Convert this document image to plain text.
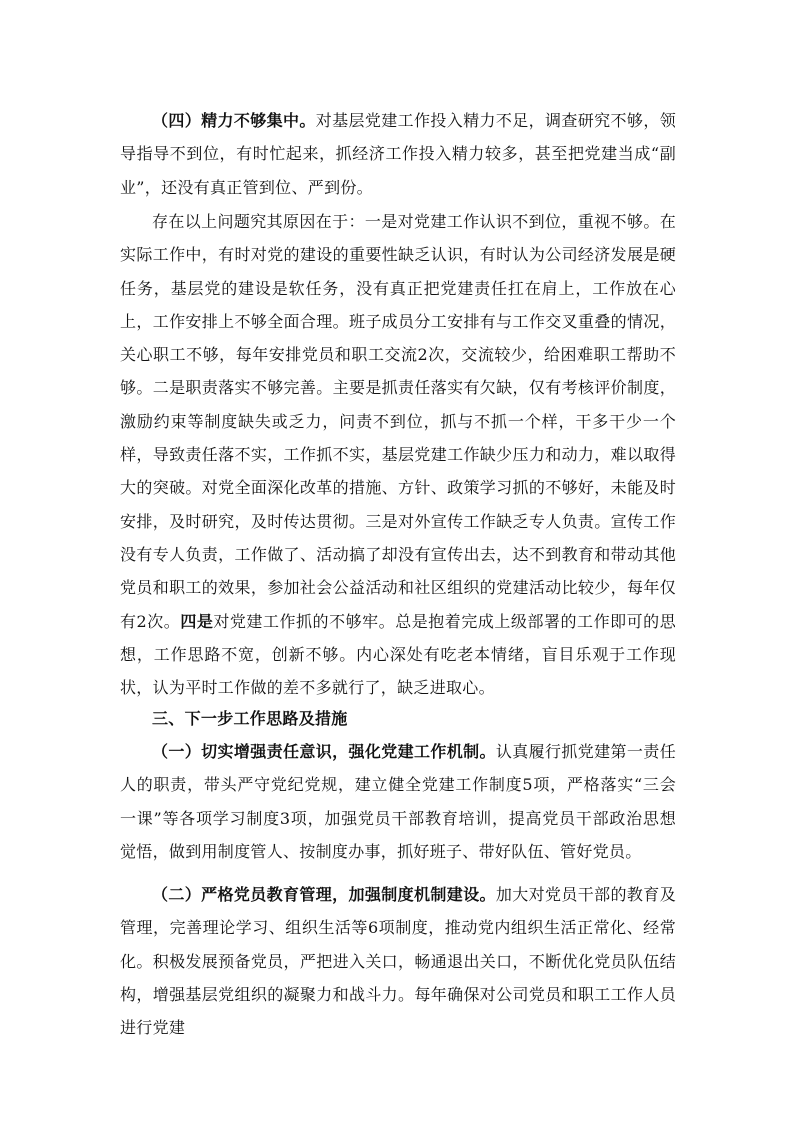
（四）精力不够集中。对基层党建工作投入精力不足，调查研究不够，领导指导不到位，有时忙起来，抓经济工作投入精力较多，甚至把党建当成“副业”，还没有真正管到位、严到份。

存在以上问题究其原因在于：一是对党建工作认识不到位，重视不够。在实际工作中，有时对党的建设的重要性缺乏认识，有时认为公司经济发展是硬任务，基层党的建设是软任务，没有真正把党建责任扛在肩上，工作放在心上，工作安排上不够全面合理。班子成员分工安排有与工作交叉重叠的情况，关心职工不够，每年安排党员和职工交流2次，交流较少，给困难职工帮助不够。二是职责落实不够完善。主要是抓责任落实有欠缺，仅有考核评价制度，激励约束等制度缺失或乏力，问责不到位，抓与不抓一个样，干多干少一个样，导致责任落不实，工作抓不实，基层党建工作缺少压力和动力，难以取得大的突破。对党全面深化改革的措施、方针、政策学习抓的不够好，未能及时安排，及时研究，及时传达贯彻。三是对外宣传工作缺乏专人负责。宣传工作没有专人负责，工作做了、活动搞了却没有宣传出去，达不到教育和带动其他党员和职工的效果，参加社会公益活动和社区组织的党建活动比较少，每年仅有2次。四是对党建工作抓的不够牢。总是抱着完成上级部署的工作即可的思想，工作思路不宽，创新不够。内心深处有吃老本情绪，盲目乐观于工作现状，认为平时工作做的差不多就行了，缺乏进取心。

三、下一步工作思路及措施

（一）切实增强责任意识，强化党建工作机制。认真履行抓党建第一责任人的职责，带头严守党纪党规，建立健全党建工作制度5项，严格落实“三会一课”等各项学习制度3项，加强党员干部教育培训，提高党员干部政治思想觉悟，做到用制度管人、按制度办事，抓好班子、带好队伍、管好党员。

（二）严格党员教育管理，加强制度机制建设。加大对党员干部的教育及管理，完善理论学习、组织生活等6项制度，推动党内组织生活正常化、经常化。积极发展预备党员，严把进入关口，畅通退出关口，不断优化党员队伍结构，增强基层党组织的凝聚力和战斗力。每年确保对公司党员和职工工作人员进行党建
